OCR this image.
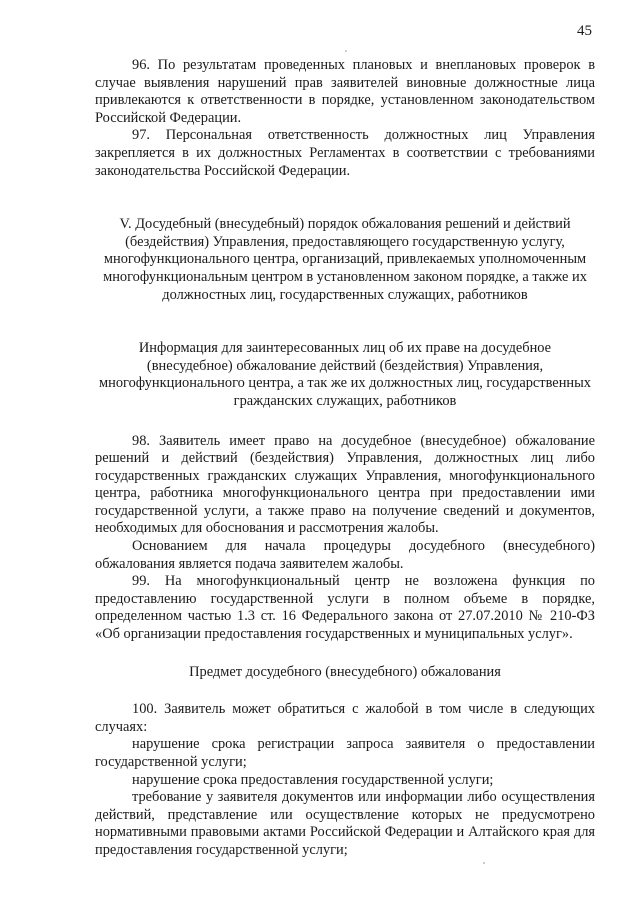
45

96. По результатам проведенных плановых и внеплановых проверок в случае выявления нарушений прав заявителей виновные должностные лица привлекаются к ответственности в порядке, установленном законодательством Российской Федерации.

97. Персональная ответственность должностных лиц Управления закрепляется в их должностных Регламентах в соответствии с требованиями законодательства Российской Федерации.

V. Досудебный (внесудебный) порядок обжалования решений и действий (бездействия) Управления, предоставляющего государственную услугу, многофункционального центра, организаций, привлекаемых уполномоченным многофункциональным центром в установленном законом порядке, а также их должностных лиц, государственных служащих, работников

Информация для заинтересованных лиц об их праве на досудебное (внесудебное) обжалование действий (бездействия) Управления, многофункционального центра, а так же их должностных лиц, государственных гражданских служащих, работников

98. Заявитель имеет право на досудебное (внесудебное) обжалование решений и действий (бездействия) Управления, должностных лиц либо государственных гражданских служащих Управления, многофункционального центра, работника многофункционального центра при предоставлении ими государственной услуги, а также право на получение сведений и документов, необходимых для обоснования и рассмотрения жалобы.

Основанием для начала процедуры досудебного (внесудебного) обжалования является подача заявителем жалобы.

99. На многофункциональный центр не возложена функция по предоставлению государственной услуги в полном объеме в порядке, определенном частью 1.3 ст. 16 Федерального закона от 27.07.2010 № 210-ФЗ «Об организации предоставления государственных и муниципальных услуг».

Предмет досудебного (внесудебного) обжалования

100. Заявитель может обратиться с жалобой в том числе в следующих случаях:

нарушение срока регистрации запроса заявителя о предоставлении государственной услуги;

нарушение срока предоставления государственной услуги;

требование у заявителя документов или информации либо осуществления действий, представление или осуществление которых не предусмотрено нормативными правовыми актами Российской Федерации и Алтайского края для предоставления государственной услуги;
